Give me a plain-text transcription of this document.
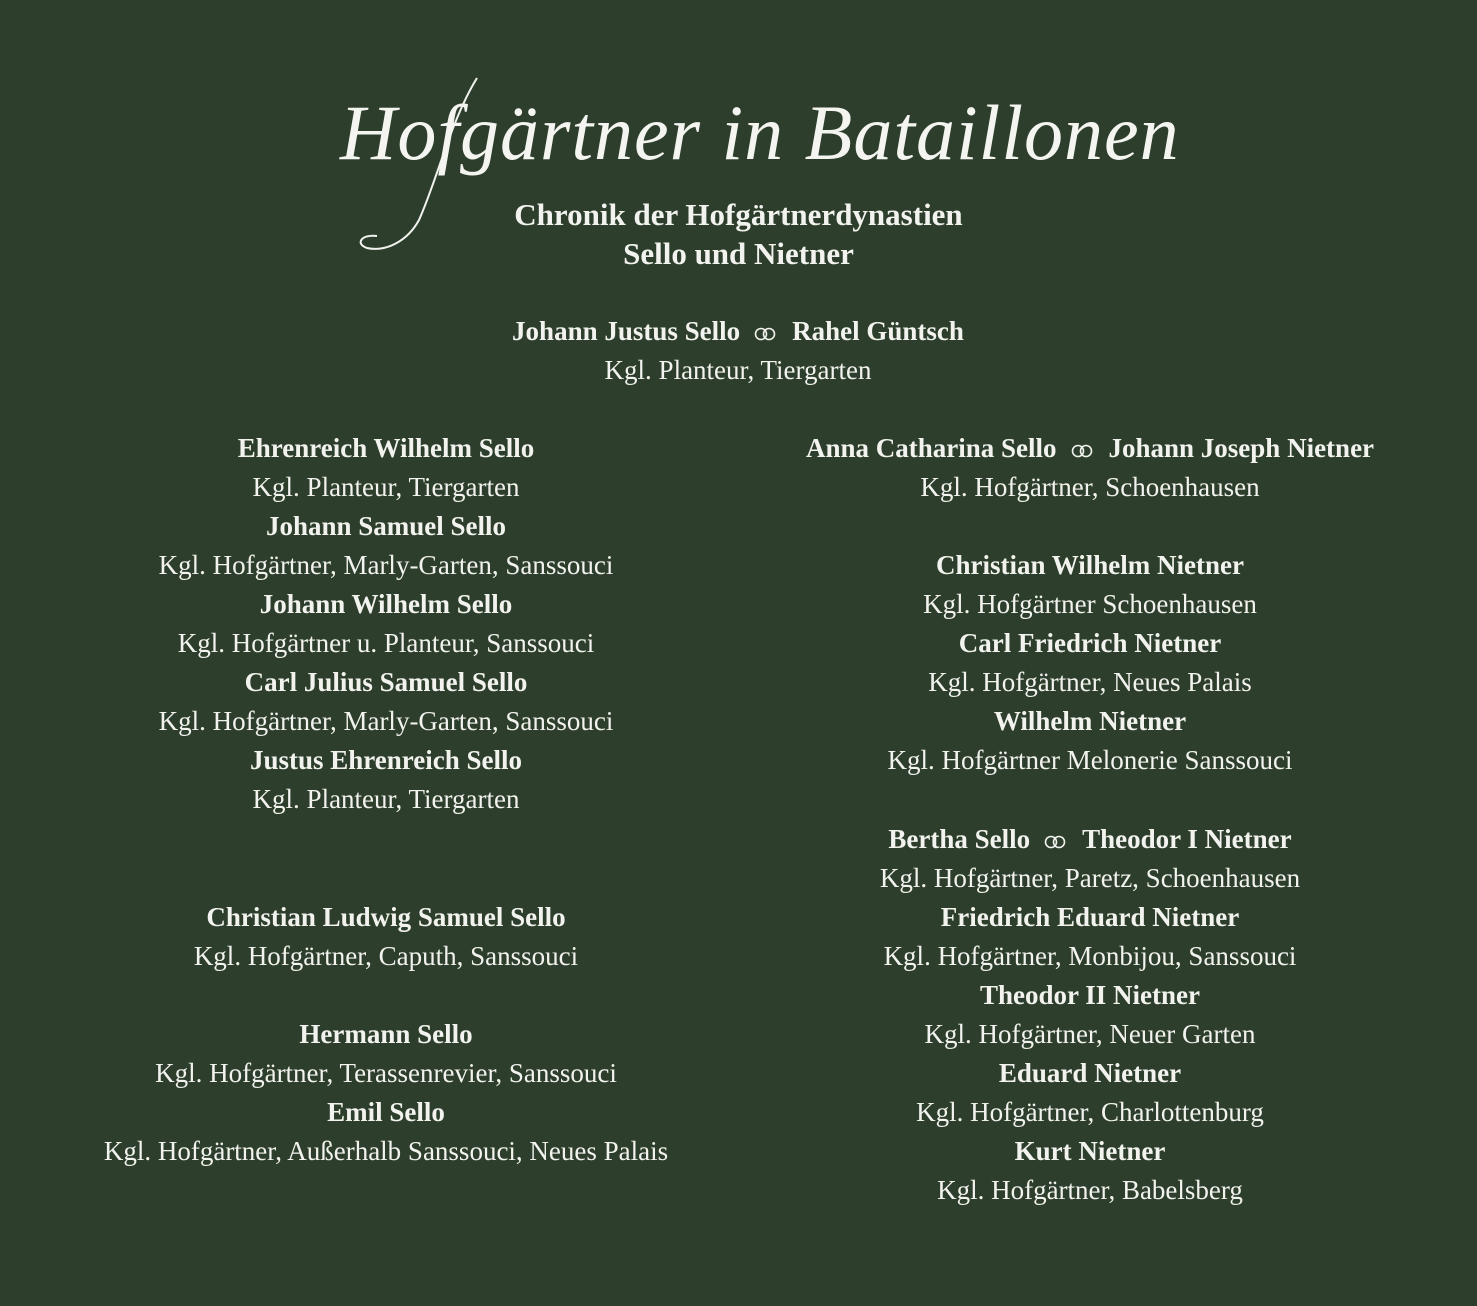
Hofgärtner in Bataillonen
Chronik der Hofgärtnerdynastien
Sello und Nietner
Johann Justus Sello Rahel Güntsch
Kgl. Planteur, Tiergarten
Ehrenreich Wilhelm Sello
Kgl. Planteur, Tiergarten
Johann Samuel Sello
Kgl. Hofgärtner, Marly-Garten, Sanssouci
Johann Wilhelm Sello
Kgl. Hofgärtner u. Planteur, Sanssouci
Carl Julius Samuel Sello
Kgl. Hofgärtner, Marly-Garten, Sanssouci
Justus Ehrenreich Sello
Kgl. Planteur, Tiergarten
Christian Ludwig Samuel Sello
Kgl. Hofgärtner, Caputh, Sanssouci
Hermann Sello
Kgl. Hofgärtner, Terassenrevier, Sanssouci
Emil Sello
Kgl. Hofgärtner, Außerhalb Sanssouci, Neues Palais
Anna Catharina Sello Johann Joseph Nietner
Kgl. Hofgärtner, Schoenhausen
Christian Wilhelm Nietner
Kgl. Hofgärtner Schoenhausen
Carl Friedrich Nietner
Kgl. Hofgärtner, Neues Palais
Wilhelm Nietner
Kgl. Hofgärtner Melonerie Sanssouci
Bertha Sello Theodor I Nietner
Kgl. Hofgärtner, Paretz, Schoenhausen
Friedrich Eduard Nietner
Kgl. Hofgärtner, Monbijou, Sanssouci
Theodor II Nietner
Kgl. Hofgärtner, Neuer Garten
Eduard Nietner
Kgl. Hofgärtner, Charlottenburg
Kurt Nietner
Kgl. Hofgärtner, Babelsberg
